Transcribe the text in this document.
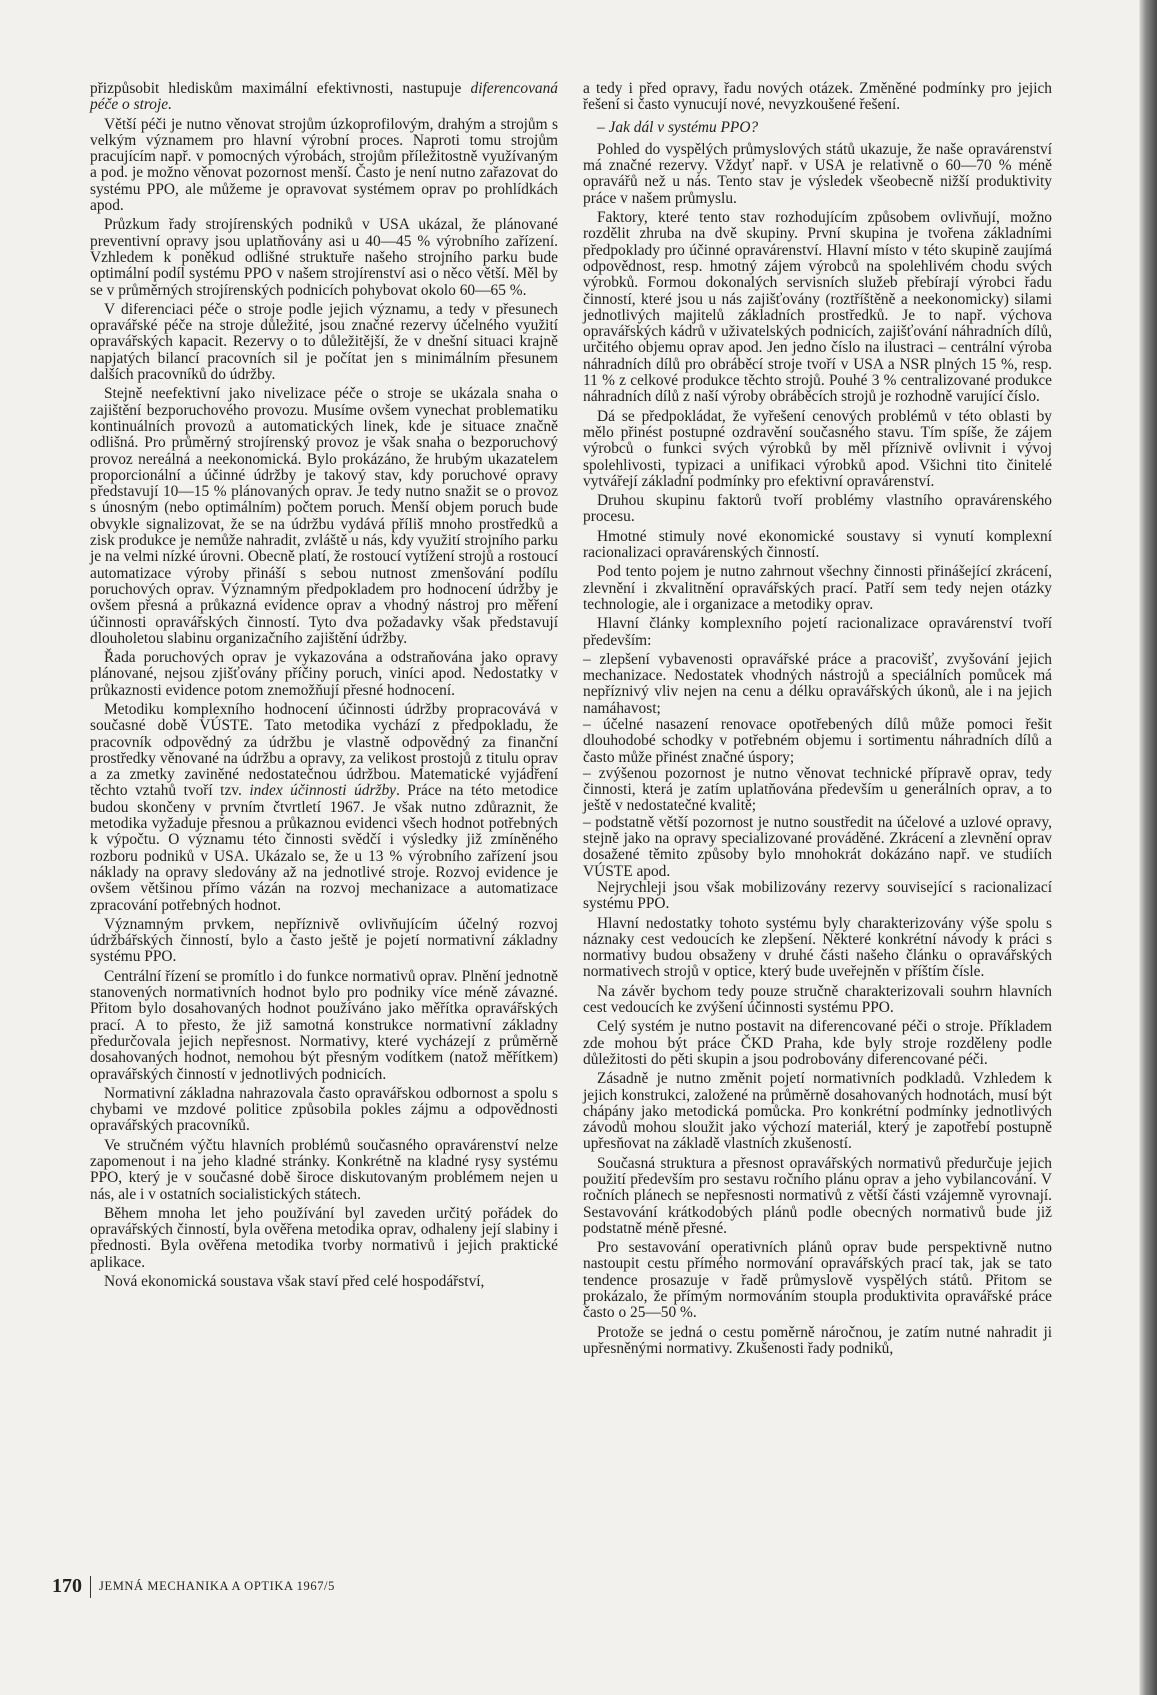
přizpůsobit hlediskům maximální efektivnosti, nastupuje diferencovaná péče o stroje.

Větší péči je nutno věnovat strojům úzkoprofilovým, drahým a strojům s velkým významem pro hlavní výrobní proces. Naproti tomu strojům pracujícím např. v pomocných výrobách, strojům příležitostně využívaným a pod. je možno věnovat pozornost menší. Často je není nutno zařazovat do systému PPO, ale můžeme je opravovat systémem oprav po prohlídkách apod.

Průzkum řady strojírenských podniků v USA ukázal, že plánované preventivní opravy jsou uplatňovány asi u 40—45 % výrobního zařízení. Vzhledem k poněkud odlišné struktuře našeho strojního parku bude optimální podíl systému PPO v našem strojírenství asi o něco větší. Měl by se v průměrných strojírenských podnicích pohybovat okolo 60—65 %.

V diferenciaci péče o stroje podle jejich významu, a tedy v přesunech opravářské péče na stroje důležité, jsou značné rezervy účelného využití opravářských kapacit. Rezervy o to důležitější, že v dnešní situaci krajně napjatých bilancí pracovních sil je počítat jen s minimálním přesunem dalších pracovníků do údržby.

Stejně neefektivní jako nivelizace péče o stroje se ukázala snaha o zajištění bezporuchového provozu. Musíme ovšem vynechat problematiku kontinuálních provozů a automatických linek, kde je situace značně odlišná. Pro průměrný strojírenský provoz je však snaha o bezporuchový provoz nereálná a neekonomická. Bylo prokázáno, že hrubým ukazatelem proporcionální a účinné údržby je takový stav, kdy poruchové opravy představují 10—15 % plánovaných oprav. Je tedy nutno snažit se o provoz s únosným (nebo optimálním) počtem poruch. Menší objem poruch bude obvykle signalizovat, že se na údržbu vydává příliš mnoho prostředků a zisk produkce je nemůže nahradit, zvláště u nás, kdy využití strojního parku je na velmi nízké úrovni. Obecně platí, že rostoucí vytížení strojů a rostoucí automatizace výroby přináší s sebou nutnost zmenšování podílu poruchových oprav. Významným předpokladem pro hodnocení údržby je ovšem přesná a průkazná evidence oprav a vhodný nástroj pro měření účinnosti opravářských činností. Tyto dva požadavky však představují dlouholetou slabinu organizačního zajištění údržby.

Řada poruchových oprav je vykazována a odstraňována jako opravy plánované, nejsou zjišťovány příčiny poruch, viníci apod. Nedostatky v průkaznosti evidence potom znemožňují přesné hodnocení.

Metodiku komplexního hodnocení účinnosti údržby propracovává v současné době VÚSTE. Tato metodika vychází z předpokladu, že pracovník odpovědný za údržbu je vlastně odpovědný za finanční prostředky věnované na údržbu a opravy, za velikost prostojů z titulu oprav a za zmetky zaviněné nedostatečnou údržbou. Matematické vyjádření těchto vztahů tvoří tzv. index účinnosti údržby. Práce na této metodice budou skončeny v prvním čtvrtletí 1967. Je však nutno zdůraznit, že metodika vyžaduje přesnou a průkaznou evidenci všech hodnot potřebných k výpočtu. O významu této činnosti svědčí i výsledky již zmíněného rozboru podniků v USA. Ukázalo se, že u 13 % výrobního zařízení jsou náklady na opravy sledovány až na jednotlivé stroje. Rozvoj evidence je ovšem většinou přímo vázán na rozvoj mechanizace a automatizace zpracování potřebných hodnot.

Významným prvkem, nepříznivě ovlivňujícím účelný rozvoj údržbářských činností, bylo a často ještě je pojetí normativní základny systému PPO.

Centrální řízení se promítlo i do funkce normativů oprav. Plnění jednotně stanovených normativních hodnot bylo pro podniky více méně závazné. Přitom bylo dosahovaných hodnot používáno jako měřítka opravářských prací. A to přesto, že již samotná konstrukce normativní základny předurčovala jejich nepřesnost. Normativy, které vycházejí z průměrně dosahovaných hodnot, nemohou být přesným vodítkem (natož měřítkem) opravářských činností v jednotlivých podnicích.

Normativní základna nahrazovala často opravářskou odbornost a spolu s chybami ve mzdové politice způsobila pokles zájmu a odpovědnosti opravářských pracovníků.

Ve stručném výčtu hlavních problémů současného opravárenství nelze zapomenout i na jeho kladné stránky. Konkrétně na kladné rysy systému PPO, který je v současné době široce diskutovaným problémem nejen u nás, ale i v ostatních socialistických státech.

Během mnoha let jeho používání byl zaveden určitý pořádek do opravářských činností, byla ověřena metodika oprav, odhaleny její slabiny i přednosti. Byla ověřena metodika tvorby normativů i jejich praktické aplikace.

Nová ekonomická soustava však staví před celé hospodářství,

a tedy i před opravy, řadu nových otázek. Změněné podmínky pro jejich řešení si často vynucují nové, nevyzkoušené řešení.

– Jak dál v systému PPO?

Pohled do vyspělých průmyslových států ukazuje, že naše opravárenství má značné rezervy. Vždyť např. v USA je relativně o 60—70 % méně opravářů než u nás. Tento stav je výsledek všeobecně nižší produktivity práce v našem průmyslu.

Faktory, které tento stav rozhodujícím způsobem ovlivňují, možno rozdělit zhruba na dvě skupiny. První skupina je tvořena základními předpoklady pro účinné opravárenství. Hlavní místo v této skupině zaujímá odpovědnost, resp. hmotný zájem výrobců na spolehlivém chodu svých výrobků. Formou dokonalých servisních služeb přebírají výrobci řadu činností, které jsou u nás zajišťovány (roztříštěně a neekonomicky) silami jednotlivých majitelů základních prostředků. Je to např. výchova opravářských kádrů v uživatelských podnicích, zajišťování náhradních dílů, určitého objemu oprav apod. Jen jedno číslo na ilustraci – centrální výroba náhradních dílů pro obráběcí stroje tvoří v USA a NSR plných 15 %, resp. 11 % z celkové produkce těchto strojů. Pouhé 3 % centralizované produkce náhradních dílů z naší výroby obráběcích strojů je rozhodně varující číslo.

Dá se předpokládat, že vyřešení cenových problémů v této oblasti by mělo přinést postupné ozdravění současného stavu. Tím spíše, že zájem výrobců o funkci svých výrobků by měl příznivě ovlivnit i vývoj spolehlivosti, typizaci a unifikaci výrobků apod. Všichni tito činitelé vytvářejí základní podmínky pro efektivní opravárenství.

Druhou skupinu faktorů tvoří problémy vlastního opravárenského procesu.

Hmotné stimuly nové ekonomické soustavy si vynutí komplexní racionalizaci opravárenských činností.

Pod tento pojem je nutno zahrnout všechny činnosti přinášející zkrácení, zlevnění i zkvalitnění opravářských prací. Patří sem tedy nejen otázky technologie, ale i organizace a metodiky oprav.

Hlavní články komplexního pojetí racionalizace opravárenství tvoří především:

– zlepšení vybavenosti opravářské práce a pracovišť, zvyšování jejich mechanizace. Nedostatek vhodných nástrojů a speciálních pomůcek má nepříznivý vliv nejen na cenu a délku opravářských úkonů, ale i na jejich namáhavost;

– účelné nasazení renovace opotřebených dílů může pomoci řešit dlouhodobé schodky v potřebném objemu i sortimentu náhradních dílů a často může přinést značné úspory;

– zvýšenou pozornost je nutno věnovat technické přípravě oprav, tedy činnosti, která je zatím uplatňována především u generálních oprav, a to ještě v nedostatečné kvalitě;

– podstatně větší pozornost je nutno soustředit na účelové a uzlové opravy, stejně jako na opravy specializované prováděné. Zkrácení a zlevnění oprav dosažené těmito způsoby bylo mnohokrát dokázáno např. ve studiích VÚSTE apod.

Nejrychleji jsou však mobilizovány rezervy související s racionalizací systému PPO.

Hlavní nedostatky tohoto systému byly charakterizovány výše spolu s náznaky cest vedoucích ke zlepšení. Některé konkrétní návody k práci s normativy budou obsaženy v druhé části našeho článku o opravářských normativech strojů v optice, který bude uveřejněn v příštím čísle.

Na závěr bychom tedy pouze stručně charakterizovali souhrn hlavních cest vedoucích ke zvýšení účinnosti systému PPO.

Celý systém je nutno postavit na diferencované péči o stroje. Příkladem zde mohou být práce ČKD Praha, kde byly stroje rozděleny podle důležitosti do pěti skupin a jsou podrobovány diferencované péči.

Zásadně je nutno změnit pojetí normativních podkladů. Vzhledem k jejich konstrukci, založené na průměrně dosahovaných hodnotách, musí být chápány jako metodická pomůcka. Pro konkrétní podmínky jednotlivých závodů mohou sloužit jako výchozí materiál, který je zapotřebí postupně upřesňovat na základě vlastních zkušeností.

Současná struktura a přesnost opravářských normativů předurčuje jejich použití především pro sestavu ročního plánu oprav a jeho vybilancování. V ročních plánech se nepřesnosti normativů z větší části vzájemně vyrovnají. Sestavování krátkodobých plánů podle obecných normativů bude již podstatně méně přesné.

Pro sestavování operativních plánů oprav bude perspektivně nutno nastoupit cestu přímého normování opravářských prací tak, jak se tato tendence prosazuje v řadě průmyslově vyspělých států. Přitom se prokázalo, že přímým normováním stoupla produktivita opravářské práce často o 25—50 %.

Protože se jedná o cestu poměrně náročnou, je zatím nutné nahradit ji upřesněnými normativy. Zkušenosti řady podniků,

170 JEMNÁ MECHANIKA A OPTIKA 1967/5
